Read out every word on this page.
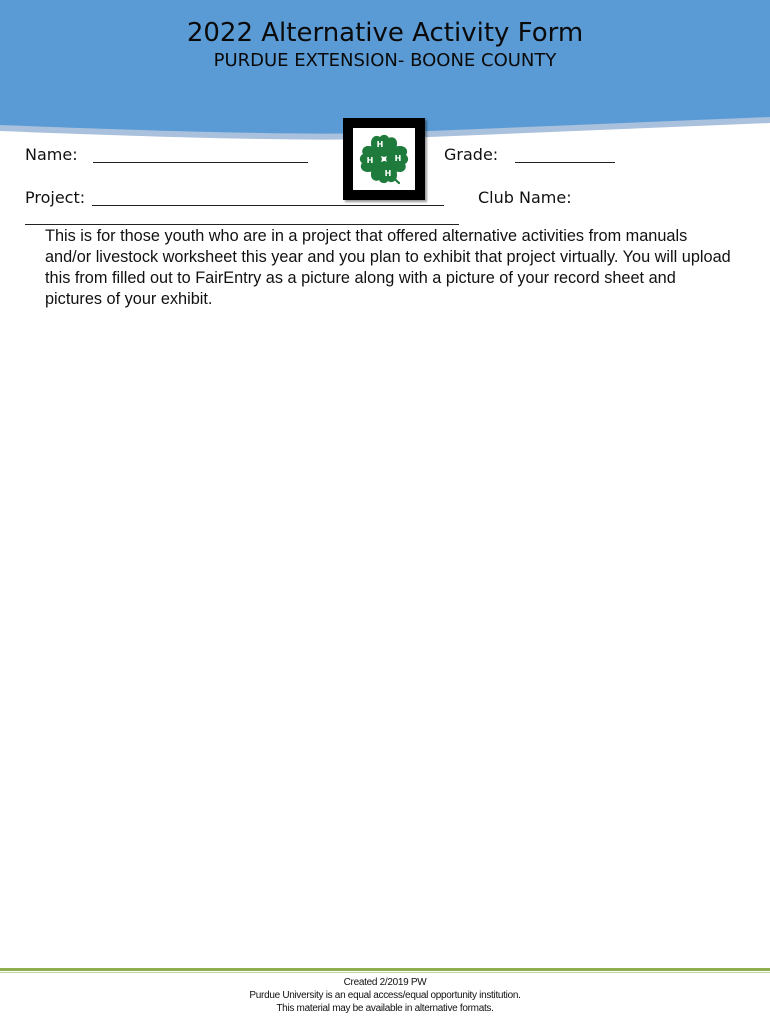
2022 Alternative Activity Form
PURDUE EXTENSION- BOONE COUNTY
H
H
H
H
Name:	Grade:
Project:	Club Name:
This is for those youth who are in a project that offered alternative activities from manuals and/or livestock worksheet this year and you plan to exhibit that project virtually. You will upload this from filled out to FairEntry as a picture along with a picture of your record sheet and pictures of your exhibit.
Created 2/2019 PW
Purdue University is an equal access/equal opportunity institution.
This material may be available in alternative formats.
